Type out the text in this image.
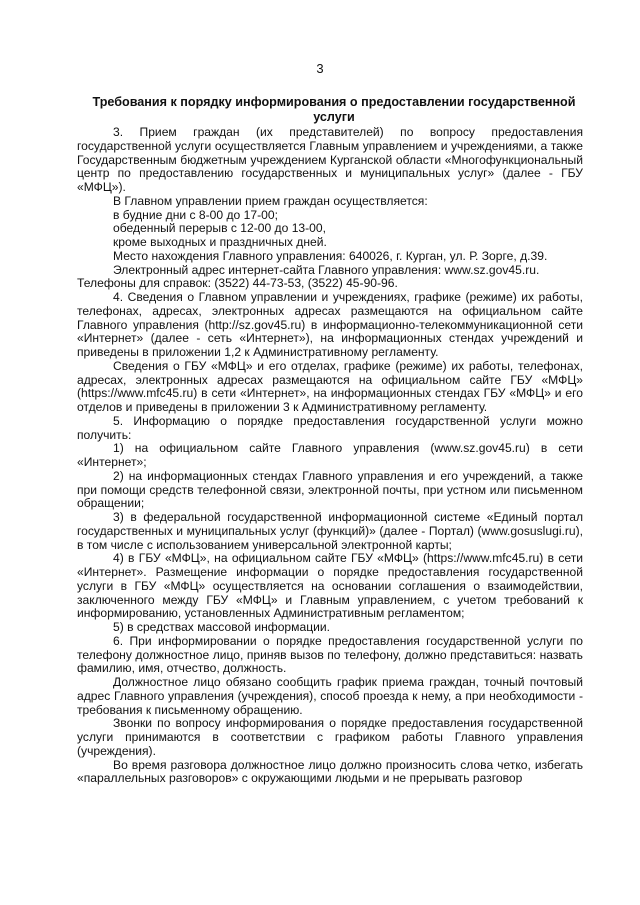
3
Требования к порядку информирования о предоставлении государственной услуги

3. Прием граждан (их представителей) по вопросу предоставления государственной услуги осуществляется Главным управлением и учреждениями, а также Государственным бюджетным учреждением Курганской области «Многофункциональный центр по предоставлению государственных и муниципальных услуг» (далее - ГБУ «МФЦ»).

В Главном управлении прием граждан осуществляется:

в будние дни с 8-00 до 17-00;

обеденный перерыв с 12-00 до 13-00,

кроме выходных и праздничных дней.

Место нахождения Главного управления: 640026, г. Курган, ул. Р. Зорге, д.39.

Электронный адрес интернет-сайта Главного управления: www.sz.gov45.ru.

Телефоны для справок: (3522) 44-73-53, (3522) 45-90-96.

4. Сведения о Главном управлении и учреждениях, графике (режиме) их работы, телефонах, адресах, электронных адресах размещаются на официальном сайте Главного управления (http://sz.gov45.ru) в информационно-телекоммуникационной сети «Интернет» (далее - сеть «Интернет»), на информационных стендах учреждений и приведены в приложении 1,2 к Административному регламенту.

Сведения о ГБУ «МФЦ» и его отделах, графике (режиме) их работы, телефонах, адресах, электронных адресах размещаются на официальном сайте ГБУ «МФЦ» (https://www.mfc45.ru) в сети «Интернет», на информационных стендах ГБУ «МФЦ» и его отделов и приведены в приложении 3 к Административному регламенту.

5. Информацию о порядке предоставления государственной услуги можно получить:

1) на официальном сайте Главного управления (www.sz.gov45.ru) в сети «Интернет»;

2) на информационных стендах Главного управления и его учреждений, а также при помощи средств телефонной связи, электронной почты, при устном или письменном обращении;

3) в федеральной государственной информационной системе «Единый портал государственных и муниципальных услуг (функций)» (далее - Портал) (www.gosuslugi.ru), в том числе с использованием универсальной электронной карты;

4) в ГБУ «МФЦ», на официальном сайте ГБУ «МФЦ» (https://www.mfc45.ru) в сети «Интернет». Размещение информации о порядке предоставления государственной услуги в ГБУ «МФЦ» осуществляется на основании соглашения о взаимодействии, заключенного между ГБУ «МФЦ» и Главным управлением, с учетом требований к информированию, установленных Административным регламентом;

5) в средствах массовой информации.

6. При информировании о порядке предоставления государственной услуги по телефону должностное лицо, приняв вызов по телефону, должно представиться: назвать фамилию, имя, отчество, должность.

Должностное лицо обязано сообщить график приема граждан, точный почтовый адрес Главного управления (учреждения), способ проезда к нему, а при необходимости - требования к письменному обращению.

Звонки по вопросу информирования о порядке предоставления государственной услуги принимаются в соответствии с графиком работы Главного управления (учреждения).

Во время разговора должностное лицо должно произносить слова четко, избегать «параллельных разговоров» с окружающими людьми и не прерывать разговор
